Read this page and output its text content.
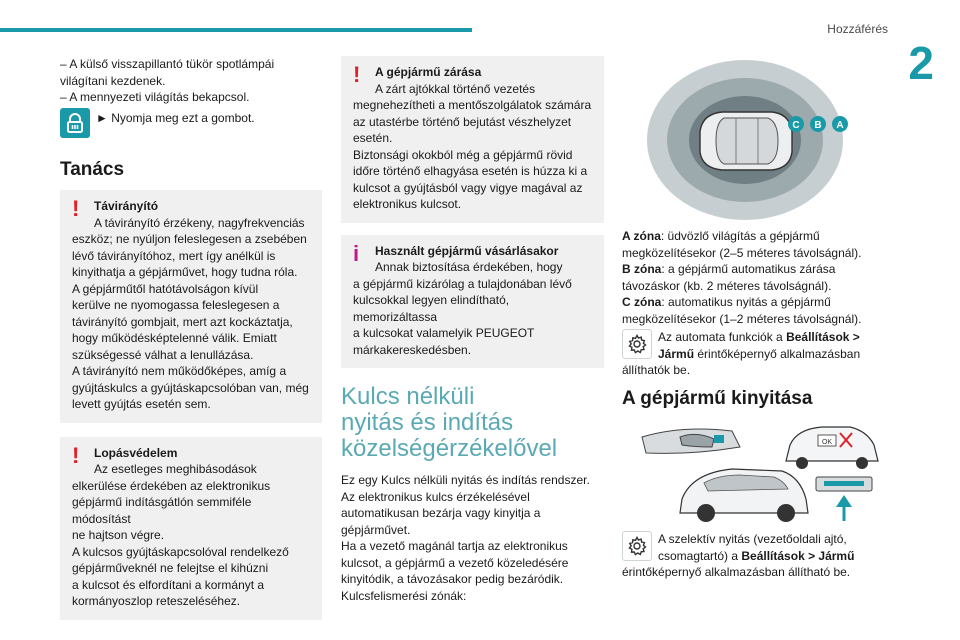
Hozzáférés
2

– A külső visszapillantó tükör spotlámpái

világítani kezdenek.

– A mennyezeti világítás bekapcsol.

► Nyomja meg ezt a gombot.
Tanács
! Távirányító

A távirányító érzékeny, nagyfrekvenciás

eszköz; ne nyúljon feleslegesen a zsebében

lévő távirányítóhoz, mert így anélkül is

kinyithatja a gépjárművet, hogy tudna róla.

A gépjárműtől hatótávolságon kívül

kerülve ne nyomogassa feleslegesen a

távirányító gombjait, mert azt kockáztatja,

hogy működésképtelenné válik. Emiatt

szükségessé válhat a lenullázása.

A távirányító nem működőképes, amíg a

gyújtáskulcs a gyújtáskapcsolóban van, még

levett gyújtás esetén sem.

! Lopásvédelem

Az esetleges meghibásodások

elkerülése érdekében az elektronikus

gépjármű indításgátlón semmiféle módosítást

ne hajtson végre.

A kulcsos gyújtáskapcsolóval rendelkező

gépjárműveknél ne felejtse el kihúzni

a kulcsot és elfordítani a kormányt a

kormányoszlop reteszeléséhez.

! A gépjármű zárása

A zárt ajtókkal történő vezetés

megnehezítheti a mentőszolgálatok számára

az utastérbe történő bejutást vészhelyzet

esetén.

Biztonsági okokból még a gépjármű rövid

időre történő elhagyása esetén is húzza ki a

kulcsot a gyújtásból vagy vigye magával az

elektronikus kulcsot.

i Használt gépjármű vásárlásakor

Annak biztosítása érdekében, hogy

a gépjármű kizárólag a tulajdonában lévő

kulcsokkal legyen elindítható, memorizáltassa

a kulcsokat valamelyik PEUGEOT

márkakereskedésben.

Kulcs nélküli
nyitás és indítás
közelségérzékelővel

Ez egy Kulcs nélküli nyitás és indítás rendszer.

Az elektronikus kulcs érzékelésével

automatikusan bezárja vagy kinyitja a

gépjárművet.

Ha a vezető magánál tartja az elektronikus

kulcsot, a gépjármű a vezető közeledésére

kinyitódik, a távozásakor pedig bezáródik.

Kulcsfelismerési zónák:

C B A

A zóna: üdvözlő világítás a gépjármű

megközelítésekor (2–5 méteres távolságnál).

B zóna: a gépjármű automatikus zárása

távozáskor (kb. 2 méteres távolságnál).

C zóna: automatikus nyitás a gépjármű

megközelítésekor (1–2 méteres távolságnál).

Az automata funkciók a Beállítások >

Jármű érintőképernyő alkalmazásban

állíthatók be.

A gépjármű kinyitása
OK

A szelektív nyitás (vezetőoldali ajtó,

csomagtartó) a Beállítások > Jármű

érintőképernyő alkalmazásban állítható be.
